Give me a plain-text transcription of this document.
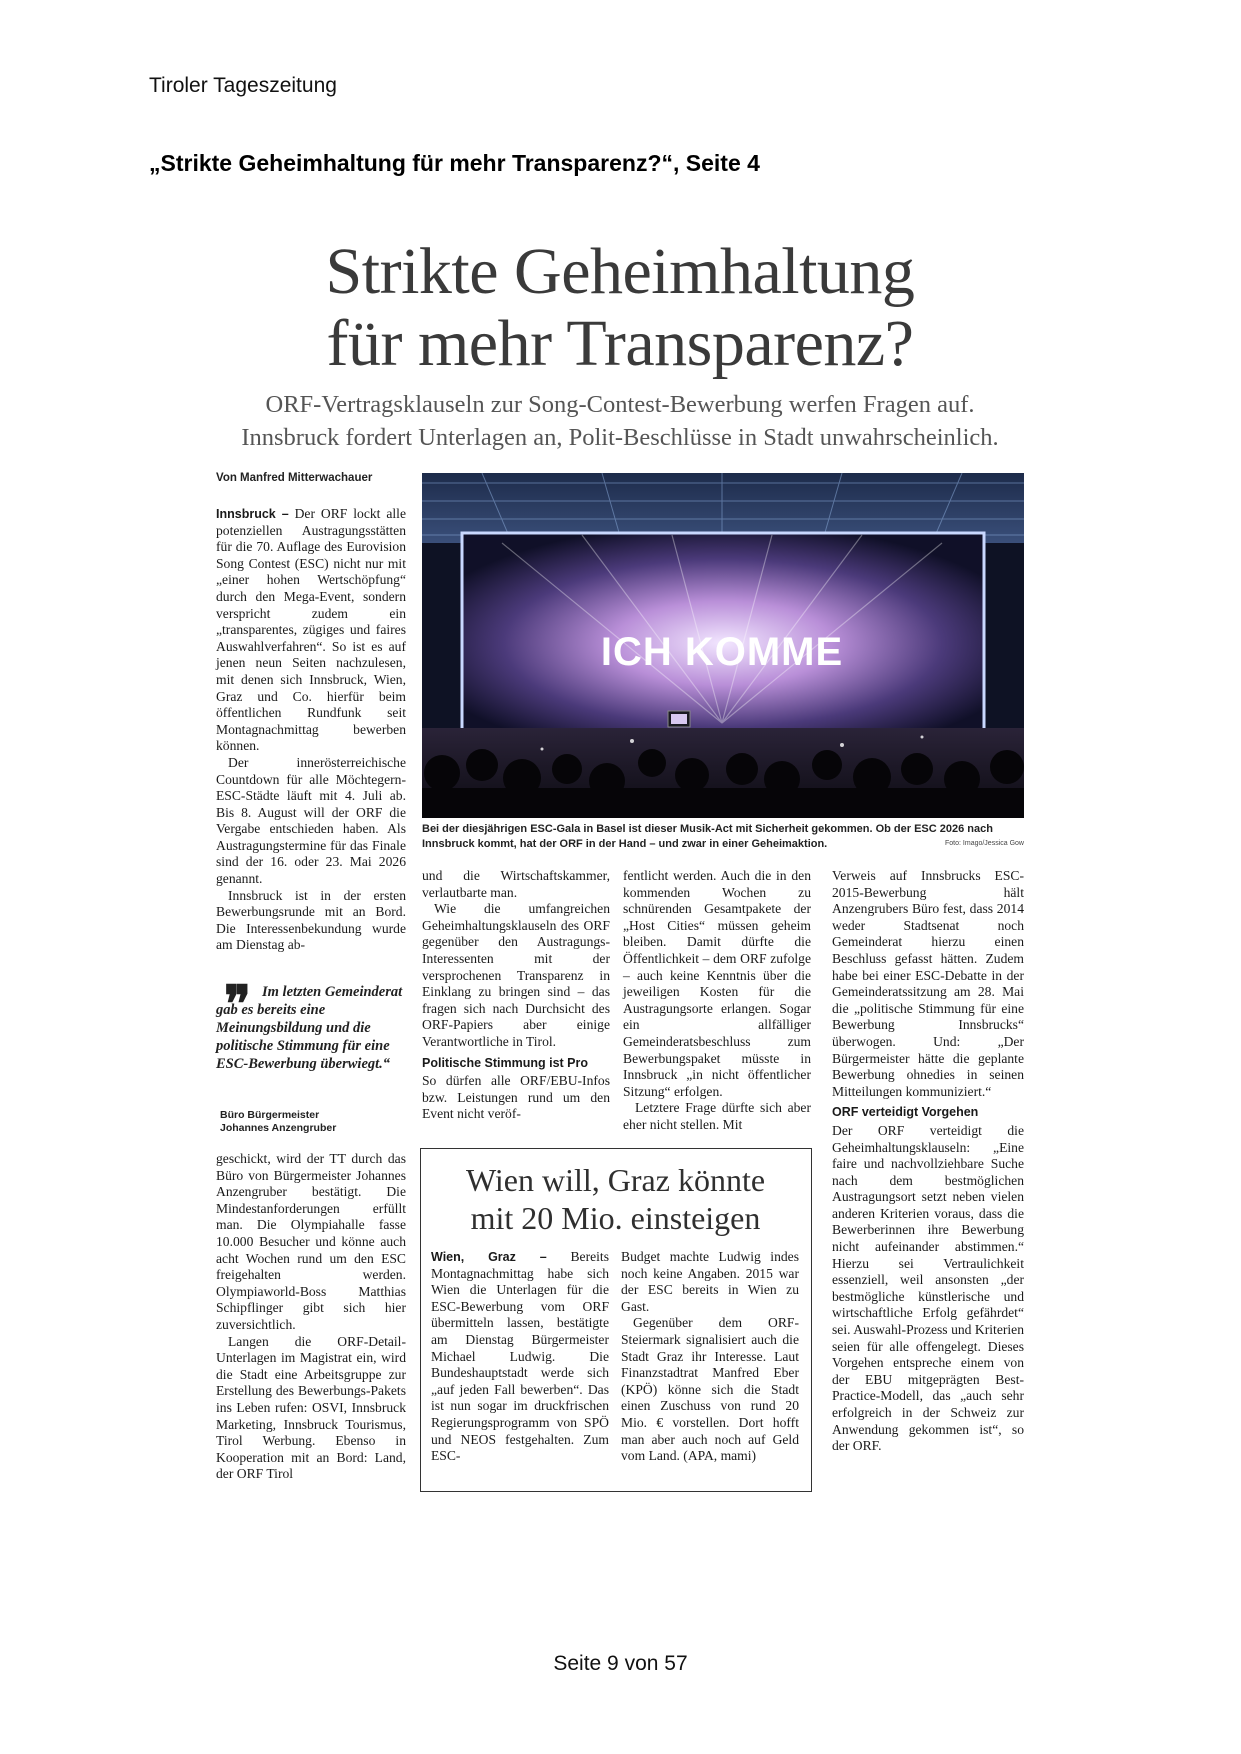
Tiroler Tageszeitung
„Strikte Geheimhaltung für mehr Transparenz?“, Seite 4
Strikte Geheimhaltung
für mehr Transparenz?
ORF-Vertragsklauseln zur Song-Contest-Bewerbung werfen Fragen auf.
Innsbruck fordert Unterlagen an, Polit-Beschlüsse in Stadt unwahrscheinlich.
Von Manfred Mitterwachauer

Innsbruck – Der ORF lockt alle potenziellen Austragungsstätten für die 70. Auflage des Eurovision Song Contest (ESC) nicht nur mit „einer hohen Wertschöpfung“ durch den Mega-Event, sondern verspricht zudem ein „transparentes, zügiges und faires Auswahlverfahren“. So ist es auf jenen neun Seiten nachzulesen, mit denen sich Innsbruck, Wien, Graz und Co. hierfür beim öffentlichen Rundfunk seit Montagnachmittag bewerben können.

Der innerösterreichische Countdown für alle Möchtegern-ESC-Städte läuft mit 4. Juli ab. Bis 8. August will der ORF die Vergabe entschieden haben. Als Austragungstermine für das Finale sind der 16. oder 23. Mai 2026 genannt.

Innsbruck ist in der ersten Bewerbungsrunde mit an Bord. Die Interessenbekundung wurde am Dienstag ab-

Im letzten Gemeinderat gab es bereits eine Meinungsbildung und die politische Stimmung für eine ESC-Bewerbung überwiegt.“
❞
Büro Bürgermeister
Johannes Anzengruber

geschickt, wird der TT durch das Büro von Bürgermeister Johannes Anzengruber bestätigt. Die Mindestanforderungen erfüllt man. Die Olympiahalle fasse 10.000 Besucher und könne auch acht Wochen rund um den ESC freigehalten werden. Olympiaworld-Boss Matthias Schipflinger gibt sich hier zuversichtlich.

Langen die ORF-Detail-Unterlagen im Magistrat ein, wird die Stadt eine Arbeitsgruppe zur Erstellung des Bewerbungs-Pakets ins Leben rufen: OSVI, Innsbruck Marketing, Innsbruck Tourismus, Tirol Werbung. Ebenso in Kooperation mit an Bord: Land, der ORF Tirol

ICH KOMME
Bei der diesjährigen ESC-Gala in Basel ist dieser Musik-Act mit Sicherheit gekommen. Ob der ESC 2026 nach Innsbruck kommt, hat der ORF in der Hand – und zwar in einer Geheimaktion.	Foto: Imago/Jessica Gow

und die Wirtschaftskammer, verlautbarte man.

Wie die umfangreichen Geheimhaltungsklauseln des ORF gegenüber den Austragungs-Interessenten mit der versprochenen Transparenz in Einklang zu bringen sind – das fragen sich nach Durchsicht des ORF-Papiers aber einige Verantwortliche in Tirol.

Politische Stimmung ist Pro

So dürfen alle ORF/EBU-Infos bzw. Leistungen rund um den Event nicht veröf-

fentlicht werden. Auch die in den kommenden Wochen zu schnürenden Gesamtpakete der „Host Cities“ müssen geheim bleiben. Damit dürfte die Öffentlichkeit – dem ORF zufolge – auch keine Kenntnis über die jeweiligen Kosten für die Austragungsorte erlangen. Sogar ein allfälliger Gemeinderatsbeschluss zum Bewerbungspaket müsste in Innsbruck „in nicht öffentlicher Sitzung“ erfolgen.

Letztere Frage dürfte sich aber eher nicht stellen. Mit

Verweis auf Innsbrucks ESC-2015-Bewerbung hält Anzengrubers Büro fest, dass 2014 weder Stadtsenat noch Gemeinderat hierzu einen Beschluss gefasst hätten. Zudem habe bei einer ESC-Debatte in der Gemeinderatssitzung am 28. Mai die „politische Stimmung für eine Bewerbung Innsbrucks“ überwogen. Und: „Der Bürgermeister hätte die geplante Bewerbung ohnedies in seinen Mitteilungen kommuniziert.“

ORF verteidigt Vorgehen

Der ORF verteidigt die Geheimhaltungsklauseln: „Eine faire und nachvollziehbare Suche nach dem bestmöglichen Austragungsort setzt neben vielen anderen Kriterien voraus, dass die Bewerberinnen ihre Bewerbung nicht aufeinander abstimmen.“ Hierzu sei Vertraulichkeit essenziell, weil ansonsten „der bestmögliche künstlerische und wirtschaftliche Erfolg gefährdet“ sei. Auswahl-Prozess und Kriterien seien für alle offengelegt. Dieses Vorgehen entspreche einem von der EBU mitgeprägten Best-Practice-Modell, das „auch sehr erfolgreich in der Schweiz zur Anwendung gekommen ist“, so der ORF.

Wien will, Graz könnte
mit 20 Mio. einsteigen

Wien, Graz – Bereits Montagnachmittag habe sich Wien die Unterlagen für die ESC-Bewerbung vom ORF übermitteln lassen, bestätigte am Dienstag Bürgermeister Michael Ludwig. Die Bundeshauptstadt werde sich „auf jeden Fall bewerben“. Das ist nun sogar im druckfrischen Regierungsprogramm von SPÖ und NEOS festgehalten. Zum ESC-

Budget machte Ludwig indes noch keine Angaben. 2015 war der ESC bereits in Wien zu Gast.

Gegenüber dem ORF-Steiermark signalisiert auch die Stadt Graz ihr Interesse. Laut Finanzstadtrat Manfred Eber (KPÖ) könne sich die Stadt einen Zuschuss von rund 20 Mio. € vorstellen. Dort hofft man aber auch noch auf Geld vom Land. (APA, mami)

Seite 9 von 57
